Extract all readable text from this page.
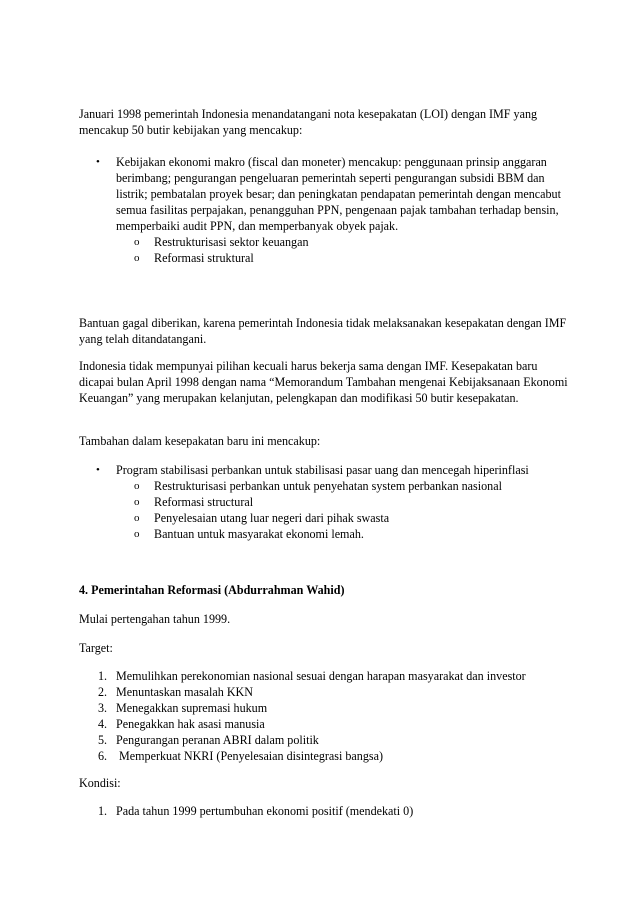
Januari 1998 pemerintah Indonesia menandatangani nota kesepakatan (LOI) dengan IMF yang mencakup 50 butir kebijakan yang mencakup:

• Kebijakan ekonomi makro (fiscal dan moneter) mencakup: penggunaan prinsip anggaran berimbang; pengurangan pengeluaran pemerintah seperti pengurangan subsidi BBM dan listrik; pembatalan proyek besar; dan peningkatan pendapatan pemerintah dengan mencabut semua fasilitas perpajakan, penangguhan PPN, pengenaan pajak tambahan terhadap bensin, memperbaiki audit PPN, dan memperbanyak obyek pajak.
o Restrukturisasi sektor keuangan
o Reformasi struktural

Bantuan gagal diberikan, karena pemerintah Indonesia tidak melaksanakan kesepakatan dengan IMF yang telah ditandatangani.

Indonesia tidak mempunyai pilihan kecuali harus bekerja sama dengan IMF. Kesepakatan baru dicapai bulan April 1998 dengan nama “Memorandum Tambahan mengenai Kebijaksanaan Ekonomi Keuangan” yang merupakan kelanjutan, pelengkapan dan modifikasi 50 butir kesepakatan.

Tambahan dalam kesepakatan baru ini mencakup:

• Program stabilisasi perbankan untuk stabilisasi pasar uang dan mencegah hiperinflasi
o Restrukturisasi perbankan untuk penyehatan system perbankan nasional
o Reformasi structural
o Penyelesaian utang luar negeri dari pihak swasta
o Bantuan untuk masyarakat ekonomi lemah.

4. Pemerintahan Reformasi (Abdurrahman Wahid)

Mulai pertengahan tahun 1999.

Target:

1. Memulihkan perekonomian nasional sesuai dengan harapan masyarakat dan investor
2. Menuntaskan masalah KKN
3. Menegakkan supremasi hukum
4. Penegakkan hak asasi manusia
5. Pengurangan peranan ABRI dalam politik
6. Memperkuat NKRI (Penyelesaian disintegrasi bangsa)

Kondisi:

1. Pada tahun 1999 pertumbuhan ekonomi positif (mendekati 0)
